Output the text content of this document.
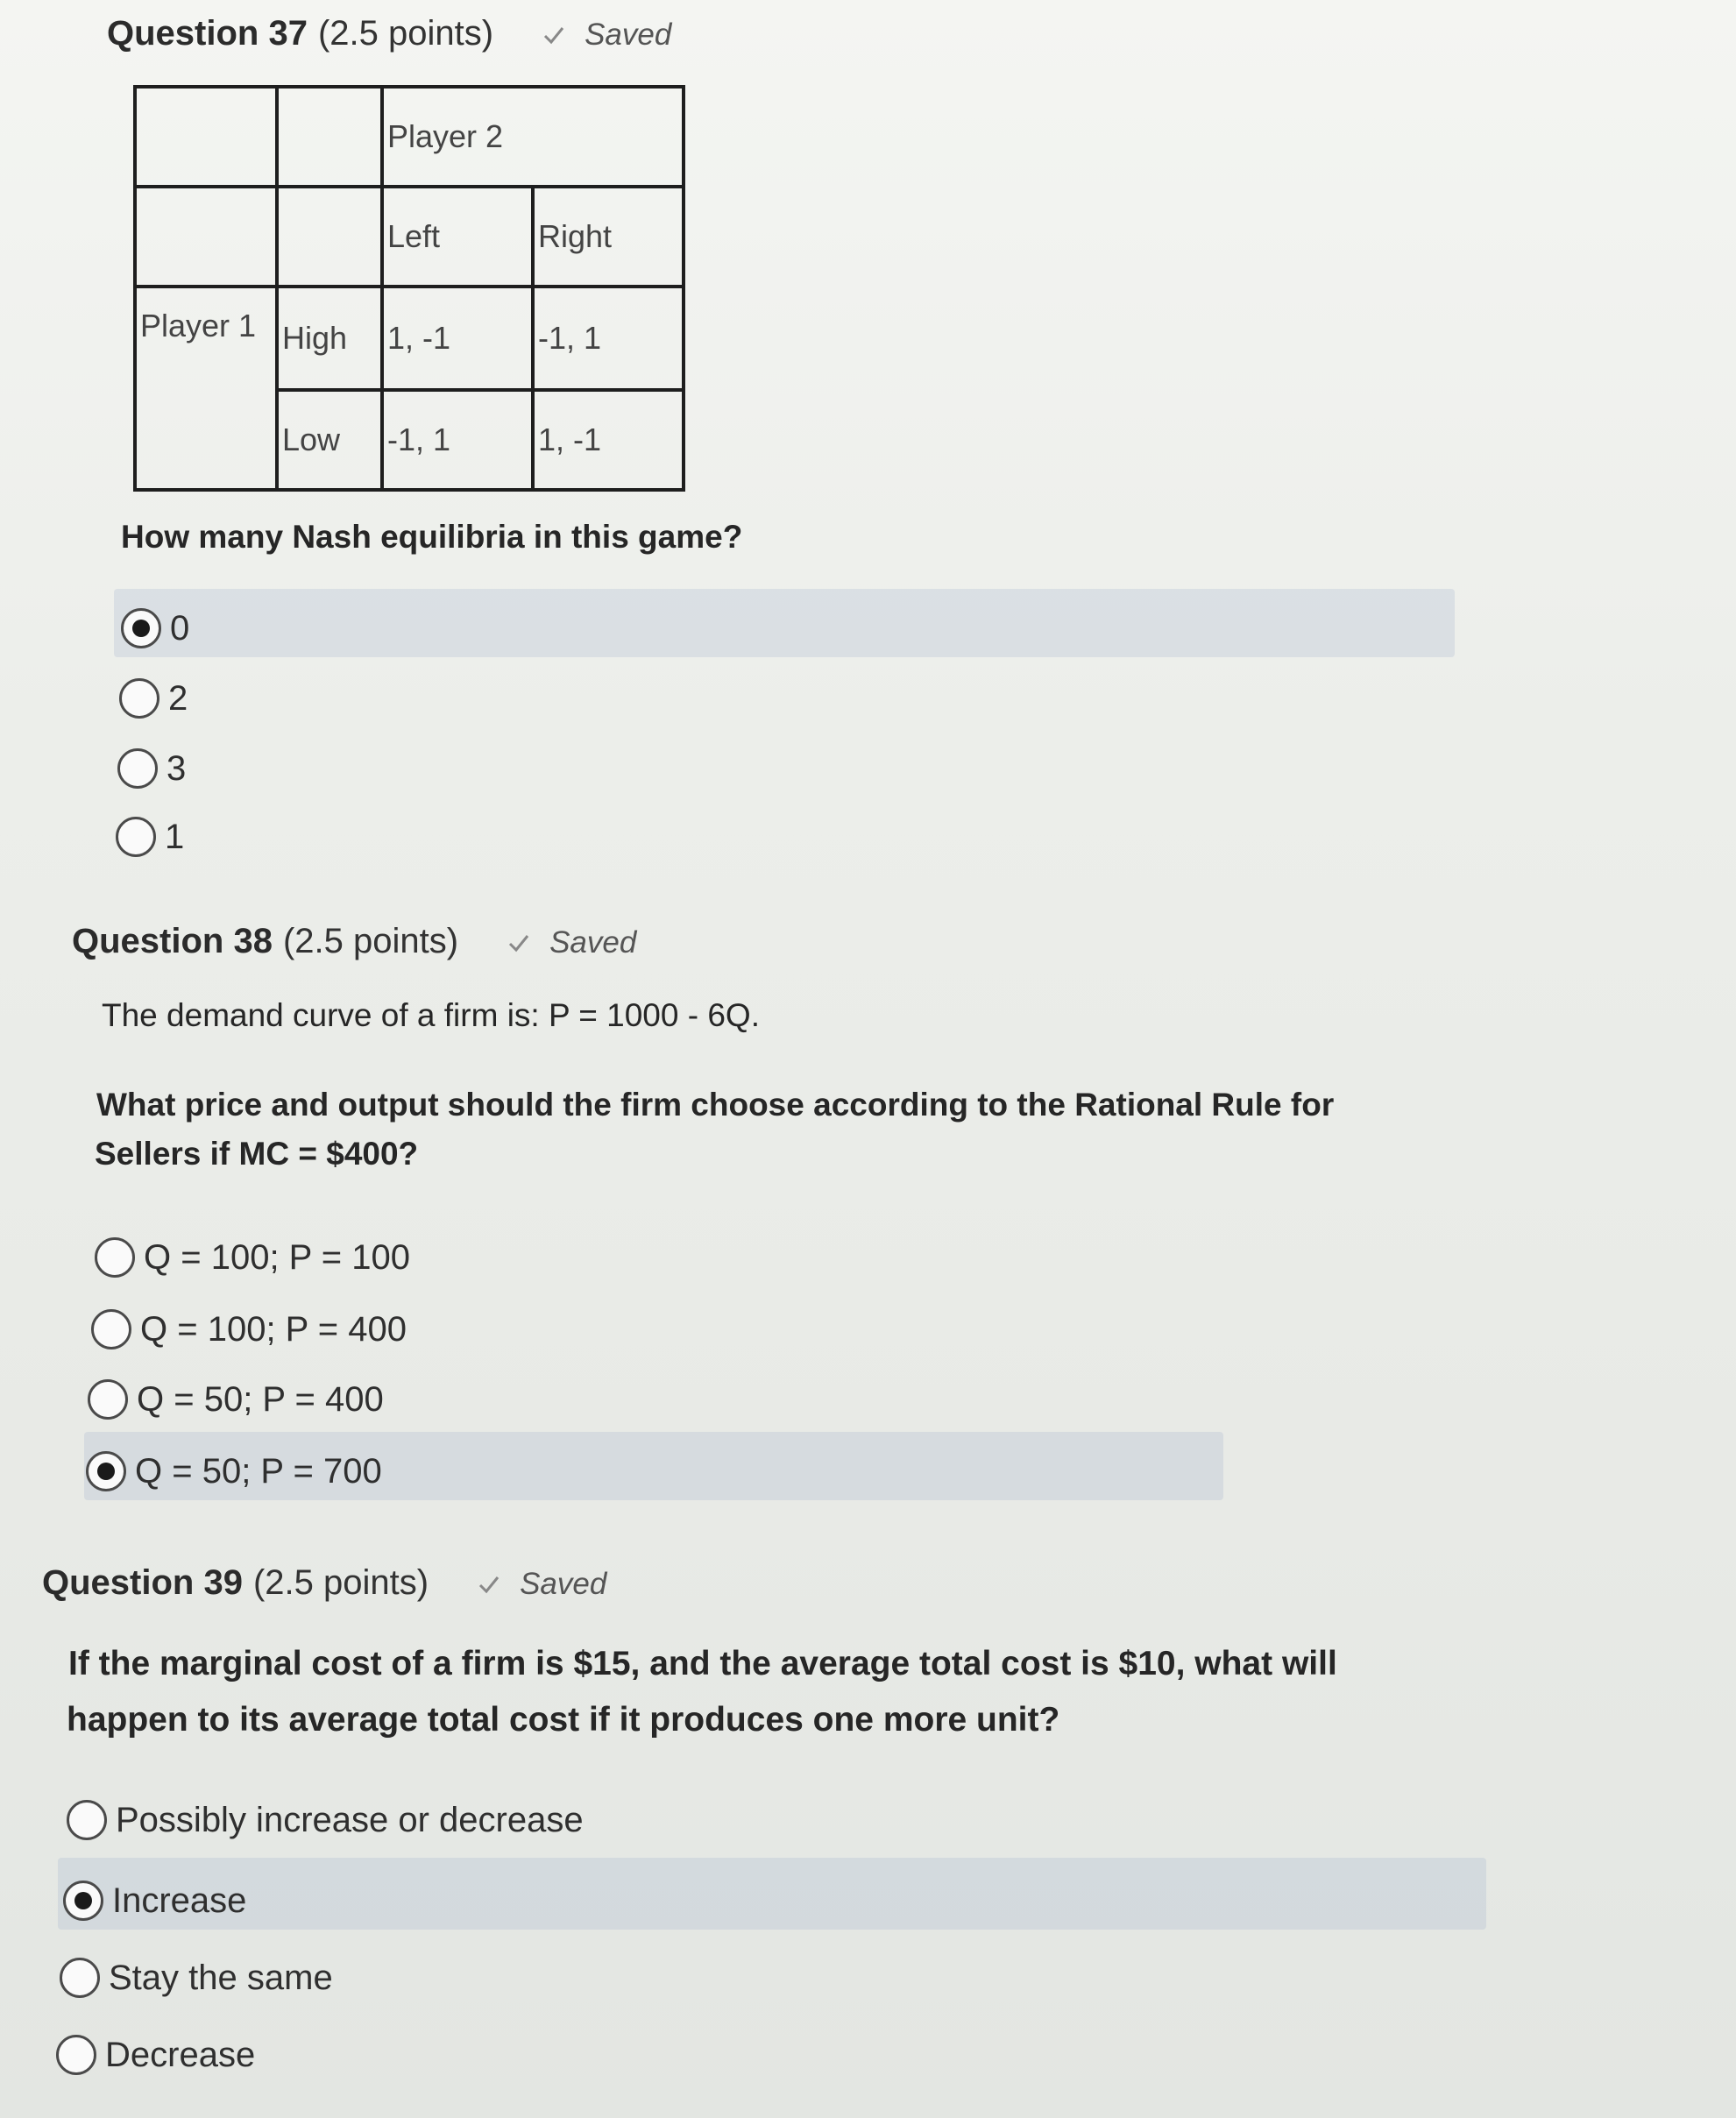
Question 37 (2.5 points)	Saved
		Player 2	
		Left	Right
Player 1	High	1, -1	-1, 1
	Low	-1, 1	1, -1
How many Nash equilibria in this game?
0
2
3
1
Question 38 (2.5 points)	Saved
The demand curve of a firm is: P = 1000 - 6Q.
What price and output should the firm choose according to the Rational Rule for
Sellers if MC = $400?
Q = 100; P = 100
Q = 100; P = 400
Q = 50; P = 400
Q = 50; P = 700
Question 39 (2.5 points)	Saved
If the marginal cost of a firm is $15, and the average total cost is $10, what will
happen to its average total cost if it produces one more unit?
Possibly increase or decrease
Increase
Stay the same
Decrease
